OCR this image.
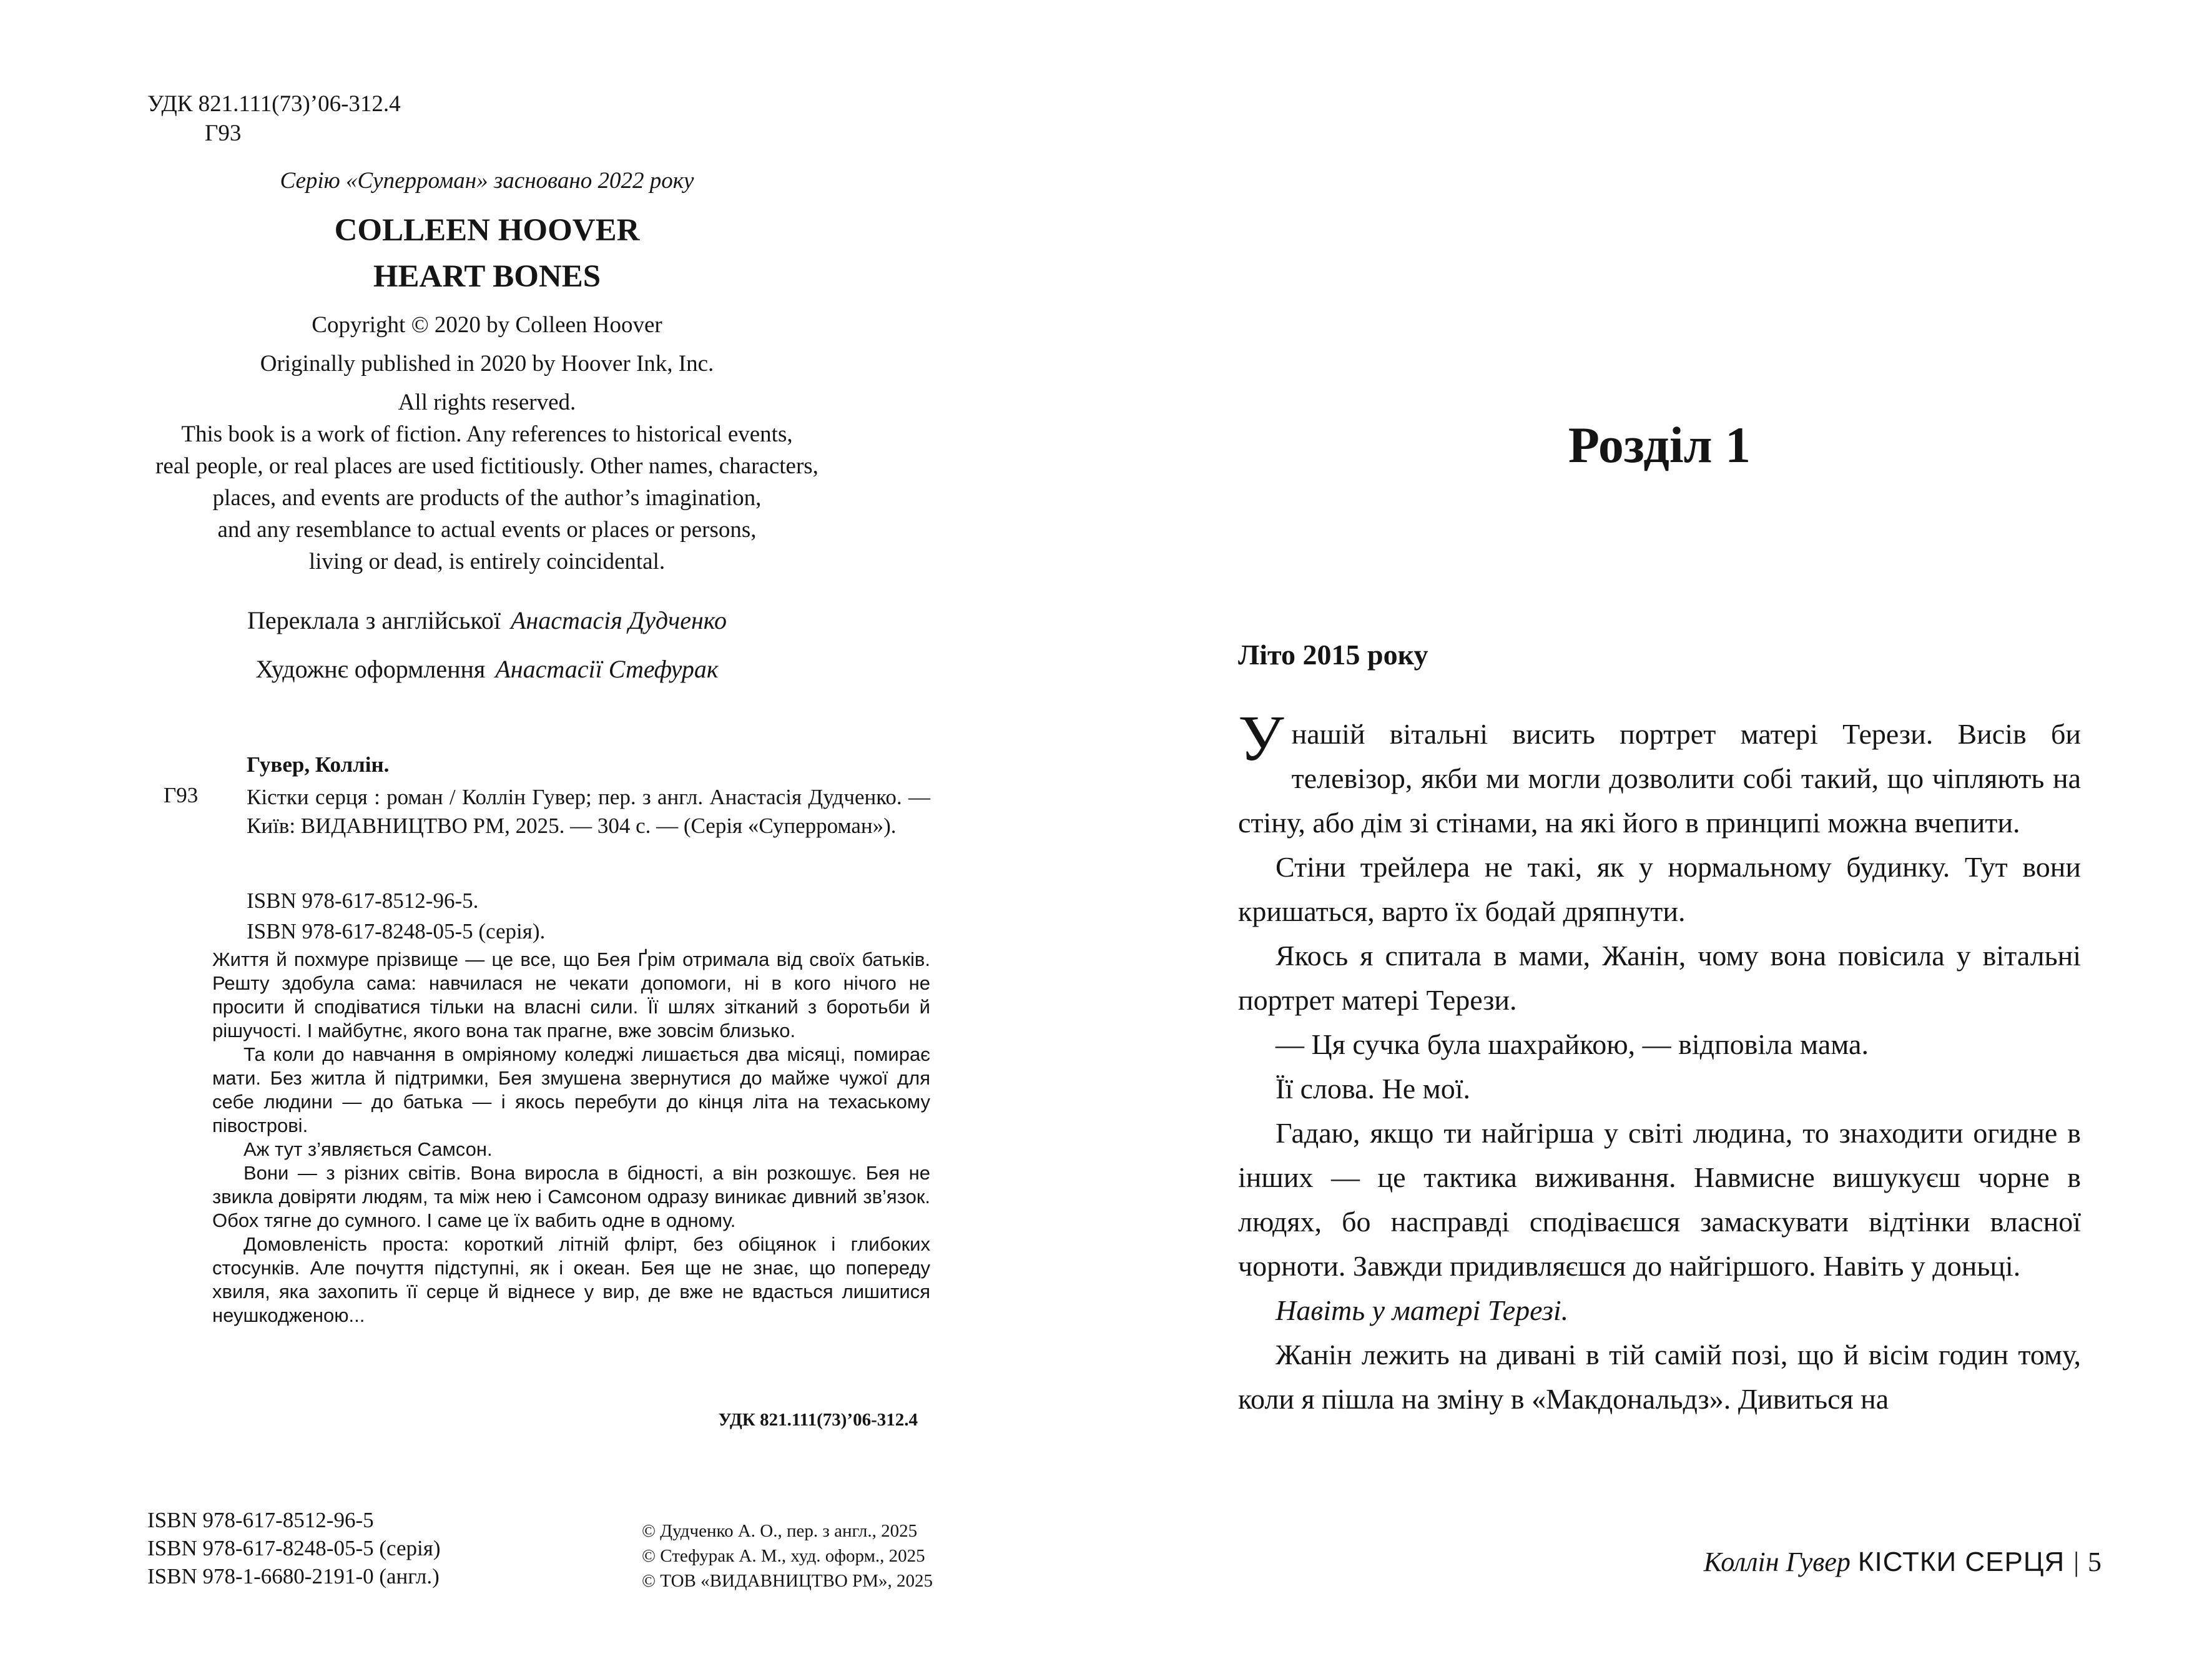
УДК 821.111(73)’06-312.4
Г93
Серію «Суперроман» засновано 2022 року
COLLEEN HOOVER
HEART BONES
Copyright © 2020 by Colleen Hoover
Originally published in 2020 by Hoover Ink, Inc.
All rights reserved.
This book is a work of fiction. Any references to historical events,
real people, or real places are used fictitiously. Other names, characters,
places, and events are products of the author’s imagination,
and any resemblance to actual events or places or persons,
living or dead, is entirely coincidental.
Переклала з англійської Анастасія Дудченко
Художнє оформлення Анастасії Стефурак
Гувер, Коллін.
Г93 Кістки серця : роман / Коллін Гувер; пер. з англ. Анастасія Дудченко. — Київ: ВИДАВНИЦТВО РМ, 2025. — 304 с. — (Серія «Суперроман»).
ISBN 978-617-8512-96-5.
ISBN 978-617-8248-05-5 (серія).

Життя й похмуре прізвище — це все, що Бея Ґрім отримала від своїх батьків. Решту здобула сама: навчилася не чекати допомоги, ні в кого нічого не просити й сподіватися тільки на власні сили. Її шлях зітканий з боротьби й рішучості. І майбутнє, якого вона так прагне, вже зовсім близько.

Та коли до навчання в омріяному коледжі лишається два місяці, помирає мати. Без житла й підтримки, Бея змушена звернутися до майже чужої для себе людини — до батька — і якось перебути до кінця літа на техаському півострові.

Аж тут з’являється Самсон.

Вони — з різних світів. Вона виросла в бідності, а він розкошує. Бея не звикла довіряти людям, та між нею і Самсоном одразу виникає дивний зв’язок. Обох тягне до сумного. І саме це їх вабить одне в одному.

Домовленість проста: короткий літній флірт, без обіцянок і глибоких стосунків. Але почуття підступні, як і океан. Бея ще не знає, що попереду хвиля, яка захопить її серце й віднесе у вир, де вже не вдасться лишитися неушкодженою...

УДК 821.111(73)’06-312.4
ISBN 978-617-8512-96-5
ISBN 978-617-8248-05-5 (серія)
ISBN 978-1-6680-2191-0 (англ.)
© Дудченко А. О., пер. з англ., 2025
© Стефурак А. М., худ. оформ., 2025
© ТОВ «ВИДАВНИЦТВО РМ», 2025
Розділ 1
Літо 2015 року

У нашій вітальні висить портрет матері Терези. Висів би телевізор, якби ми могли дозволити собі такий, що чіпляють на стіну, або дім зі стінами, на які його в принципі можна вчепити.

Стіни трейлера не такі, як у нормальному будинку. Тут вони кришаться, варто їх бодай дряпнути.

Якось я спитала в мами, Жанін, чому вона повісила у вітальні портрет матері Терези.

— Ця сучка була шахрайкою, — відповіла мама.

Її слова. Не мої.

Гадаю, якщо ти найгірша у світі людина, то знаходити огидне в інших — це тактика виживання. Навмисне вишукуєш чорне в людях, бо насправді сподіваєшся замаскувати відтінки власної чорноти. Завжди придивляєшся до найгіршого. Навіть у доньці.

Навіть у матері Терезі.

Жанін лежить на дивані в тій самій позі, що й вісім годин тому, коли я пішла на зміну в «Макдональдз». Дивиться на

Коллін Гувер КІСТКИ СЕРЦЯ | 5
